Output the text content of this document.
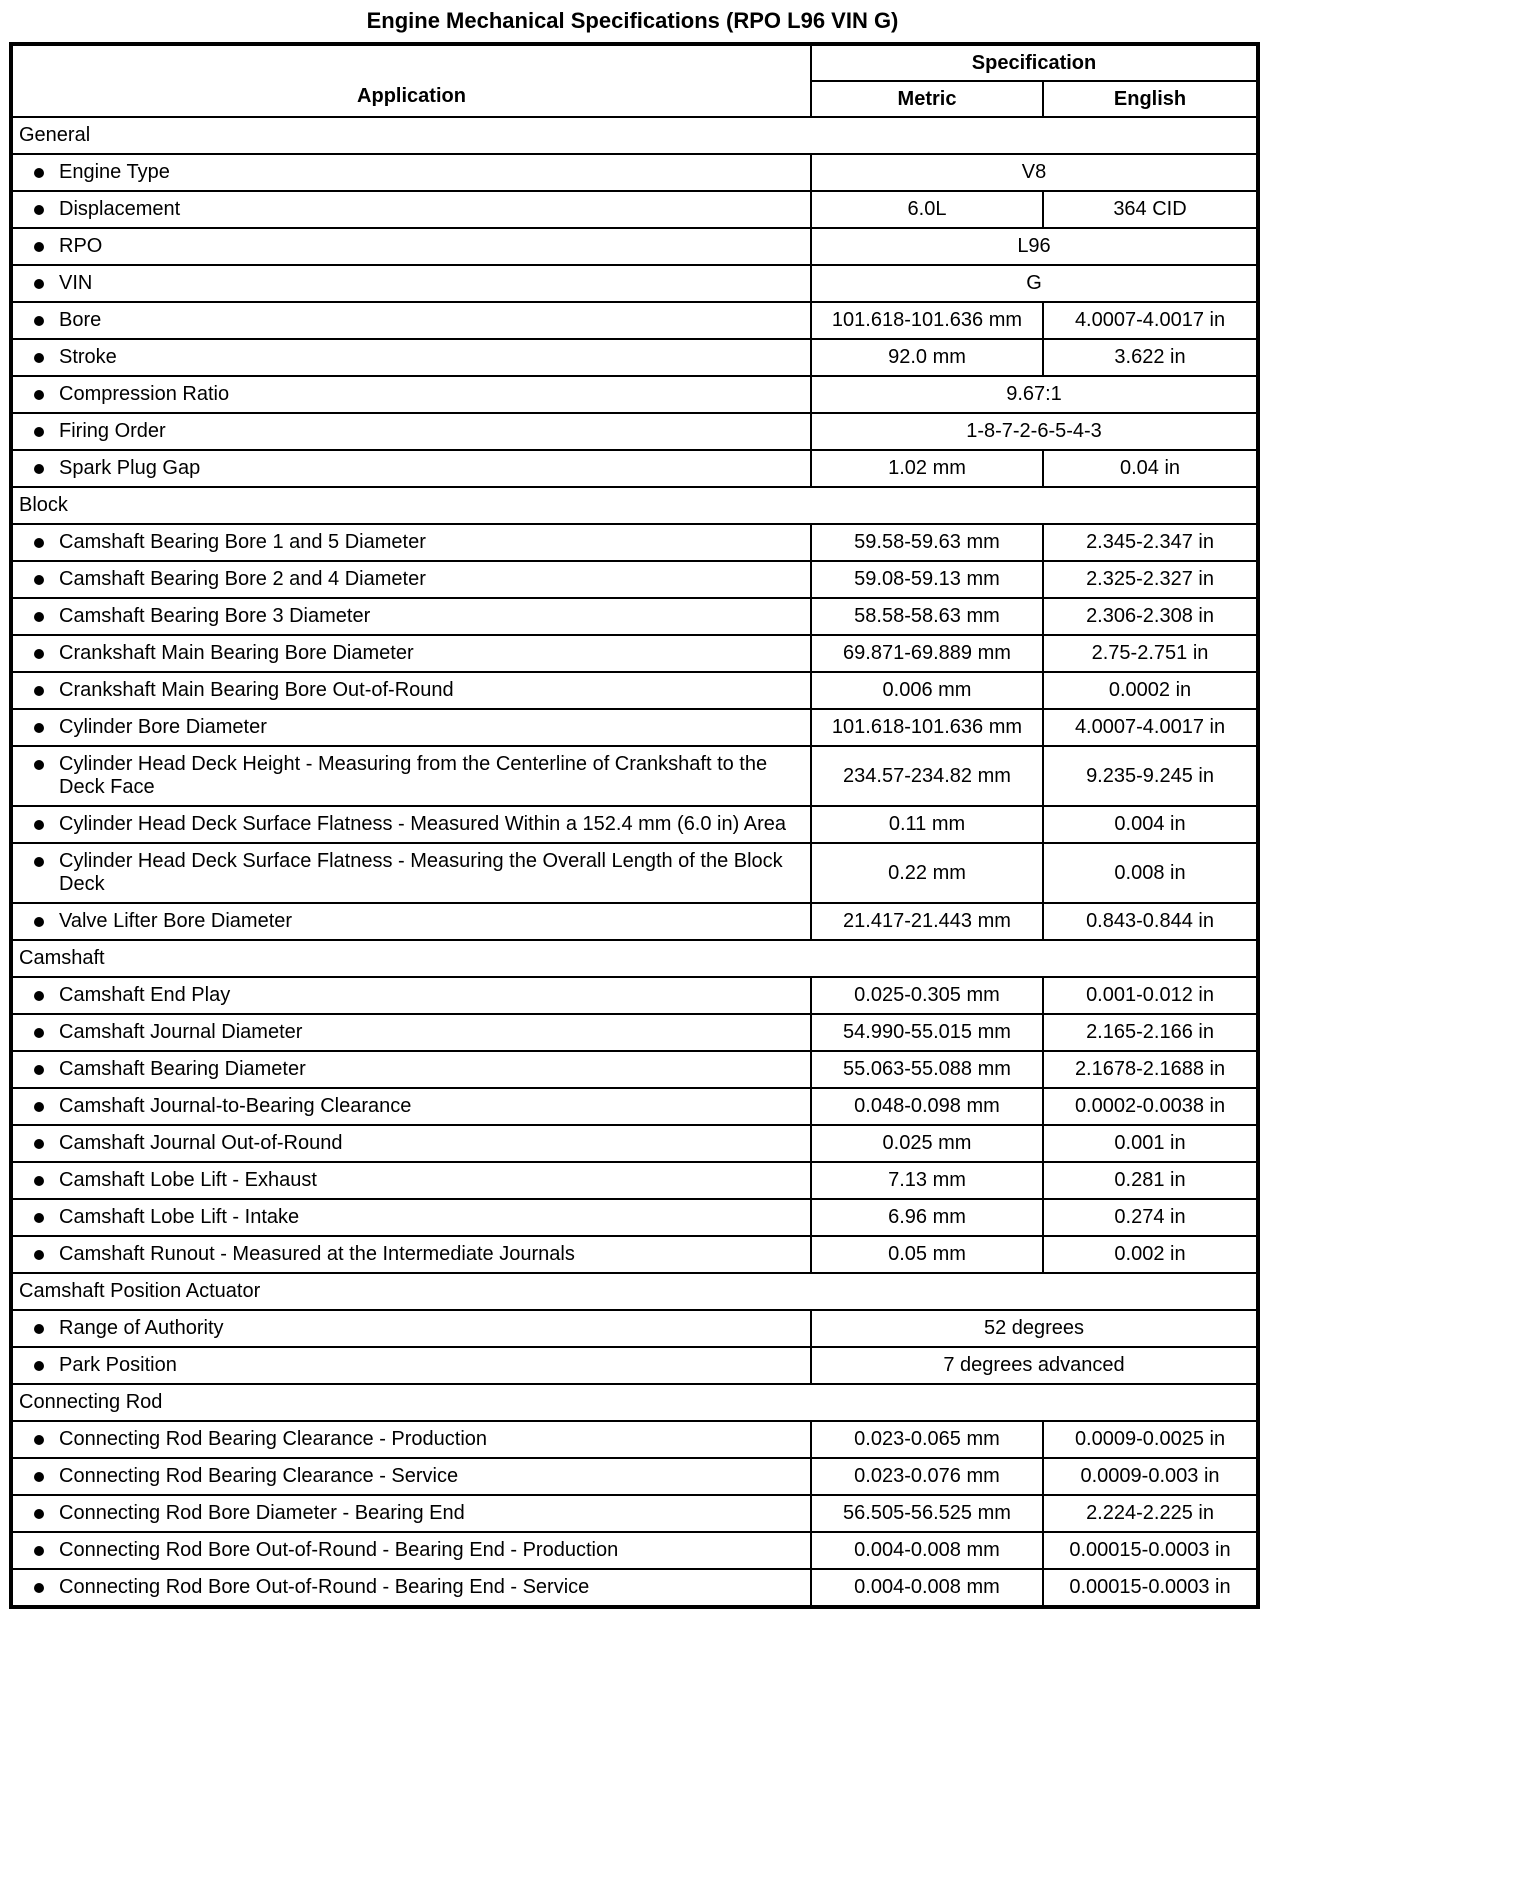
Engine Mechanical Specifications (RPO L96 VIN G)
Application	Specification	
	Metric	English
General		

Engine Type	V8	

Displacement	6.0L	364 CID

RPO	L96	

VIN	G	

Bore	101.618-101.636 mm	4.0007-4.0017 in

Stroke	92.0 mm	3.622 in

Compression Ratio	9.67:1	

Firing Order	1-8-7-2-6-5-4-3	

Spark Plug Gap	1.02 mm	0.04 in
Block		

Camshaft Bearing Bore 1 and 5 Diameter	59.58-59.63 mm	2.345-2.347 in

Camshaft Bearing Bore 2 and 4 Diameter	59.08-59.13 mm	2.325-2.327 in

Camshaft Bearing Bore 3 Diameter	58.58-58.63 mm	2.306-2.308 in

Crankshaft Main Bearing Bore Diameter	69.871-69.889 mm	2.75-2.751 in

Crankshaft Main Bearing Bore Out-of-Round	0.006 mm	0.0002 in

Cylinder Bore Diameter	101.618-101.636 mm	4.0007-4.0017 in

Cylinder Head Deck Height - Measuring from the Centerline of Crankshaft to the Deck Face	234.57-234.82 mm	9.235-9.245 in

Cylinder Head Deck Surface Flatness - Measured Within a 152.4 mm (6.0 in) Area	0.11 mm	0.004 in

Cylinder Head Deck Surface Flatness - Measuring the Overall Length of the Block Deck	0.22 mm	0.008 in

Valve Lifter Bore Diameter	21.417-21.443 mm	0.843-0.844 in
Camshaft		

Camshaft End Play	0.025-0.305 mm	0.001-0.012 in

Camshaft Journal Diameter	54.990-55.015 mm	2.165-2.166 in

Camshaft Bearing Diameter	55.063-55.088 mm	2.1678-2.1688 in

Camshaft Journal-to-Bearing Clearance	0.048-0.098 mm	0.0002-0.0038 in

Camshaft Journal Out-of-Round	0.025 mm	0.001 in

Camshaft Lobe Lift - Exhaust	7.13 mm	0.281 in

Camshaft Lobe Lift - Intake	6.96 mm	0.274 in

Camshaft Runout - Measured at the Intermediate Journals	0.05 mm	0.002 in
Camshaft Position Actuator		

Range of Authority	52 degrees	

Park Position	7 degrees advanced	
Connecting Rod		

Connecting Rod Bearing Clearance - Production	0.023-0.065 mm	0.0009-0.0025 in

Connecting Rod Bearing Clearance - Service	0.023-0.076 mm	0.0009-0.003 in

Connecting Rod Bore Diameter - Bearing End	56.505-56.525 mm	2.224-2.225 in

Connecting Rod Bore Out-of-Round - Bearing End - Production	0.004-0.008 mm	0.00015-0.0003 in

Connecting Rod Bore Out-of-Round - Bearing End - Service	0.004-0.008 mm	0.00015-0.0003 in
